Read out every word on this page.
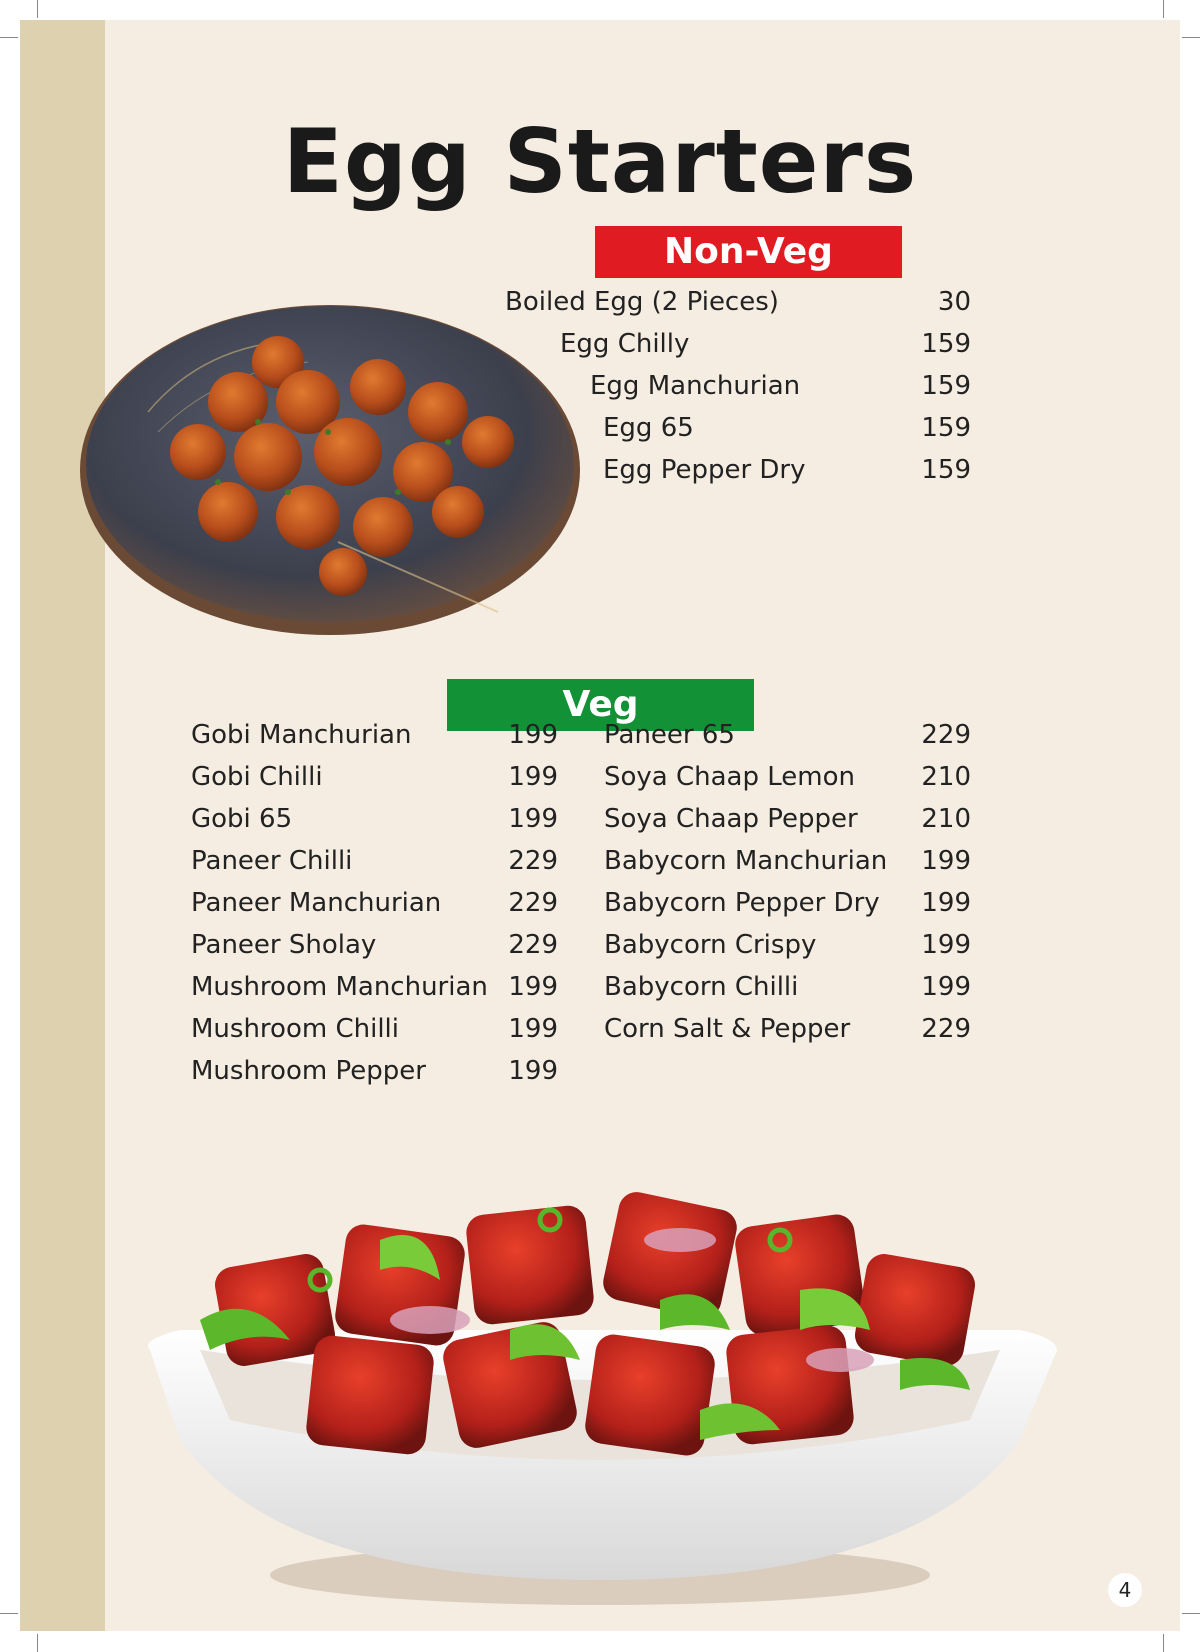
Egg Starters
Non-Veg
Boiled Egg (2 Pieces)	30
Egg Chilly	159
Egg Manchurian	159
Egg 65	159
Egg Pepper Dry	159
Veg
Gobi Manchurian	199
Gobi Chilli	199
Gobi 65	199
Paneer Chilli	229
Paneer Manchurian	229
Paneer Sholay	229
Mushroom Manchurian 199
Mushroom Chilli	199
Mushroom Pepper	199
Paneer 65	229
Soya Chaap Lemon	210
Soya Chaap Pepper	210
Babycorn Manchurian	199
Babycorn Pepper Dry	199
Babycorn Crispy	199
Babycorn Chilli	199
Corn Salt & Pepper	229
4
